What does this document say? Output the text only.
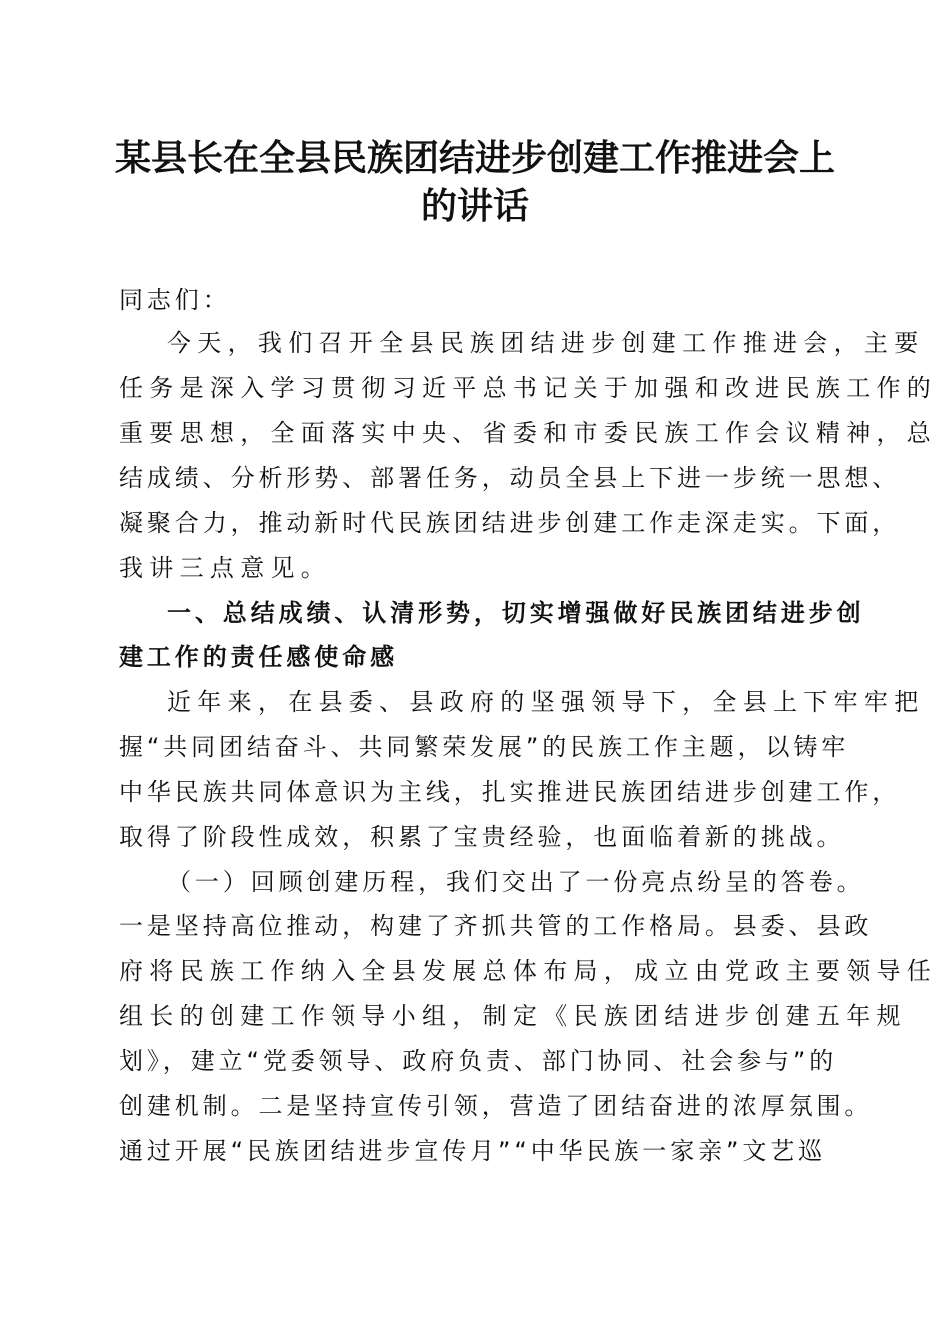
某县长在全县民族团结进步创建工作推进会上
的讲话
同志们：
今天，我们召开全县民族团结进步创建工作推进会，主要
任务是深入学习贯彻习近平总书记关于加强和改进民族工作的
重要思想，全面落实中央、省委和市委民族工作会议精神，总
结成绩、分析形势、部署任务，动员全县上下进一步统一思想、
凝聚合力，推动新时代民族团结进步创建工作走深走实。下面，
我讲三点意见。
一、总结成绩、认清形势，切实增强做好民族团结进步创
建工作的责任感使命感
近年来，在县委、县政府的坚强领导下，全县上下牢牢把
握“共同团结奋斗、共同繁荣发展”的民族工作主题，以铸牢
中华民族共同体意识为主线，扎实推进民族团结进步创建工作，
取得了阶段性成效，积累了宝贵经验，也面临着新的挑战。
（一）回顾创建历程，我们交出了一份亮点纷呈的答卷。
一是坚持高位推动，构建了齐抓共管的工作格局。县委、县政
府将民族工作纳入全县发展总体布局，成立由党政主要领导任
组长的创建工作领导小组，制定《民族团结进步创建五年规
划》，建立“党委领导、政府负责、部门协同、社会参与”的
创建机制。二是坚持宣传引领，营造了团结奋进的浓厚氛围。
通过开展“民族团结进步宣传月”“中华民族一家亲”文艺巡
